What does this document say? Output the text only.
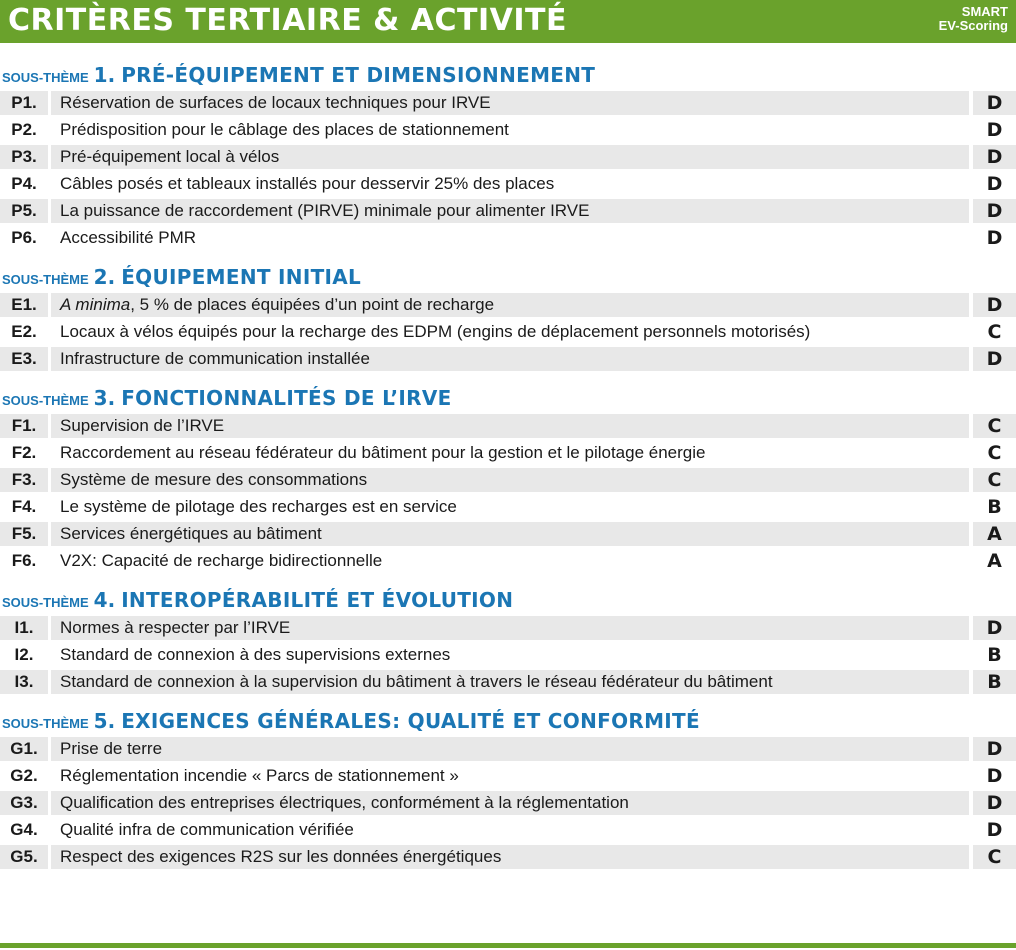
CRITÈRES TERTIAIRE & ACTIVITÉ	SMART
EV-Scoring
SOUS-THÈME 1. PRÉ-ÉQUIPEMENT ET DIMENSIONNEMENT
P1.	Réservation de surfaces de locaux techniques pour IRVE	D
P2.	Prédisposition pour le câblage des places de stationnement	D
P3.	Pré-équipement local à vélos	D
P4.	Câbles posés et tableaux installés pour desservir 25% des places	D
P5.	La puissance de raccordement (PIRVE) minimale pour alimenter IRVE	D
P6.	Accessibilité PMR	D
SOUS-THÈME 2. ÉQUIPEMENT INITIAL
E1.	A minima, 5 % de places équipées d’un point de recharge	D
E2.	Locaux à vélos équipés pour la recharge des EDPM (engins de déplacement personnels motorisés)	C
E3.	Infrastructure de communication installée	D
SOUS-THÈME 3. FONCTIONNALITÉS DE L’IRVE
F1.	Supervision de l’IRVE	C
F2.	Raccordement au réseau fédérateur du bâtiment pour la gestion et le pilotage énergie	C
F3.	Système de mesure des consommations	C
F4.	Le système de pilotage des recharges est en service	B
F5.	Services énergétiques au bâtiment	A
F6.	V2X: Capacité de recharge bidirectionnelle	A
SOUS-THÈME 4. INTEROPÉRABILITÉ ET ÉVOLUTION
I1.	Normes à respecter par l’IRVE	D
I2.	Standard de connexion à des supervisions externes	B
I3.	Standard de connexion à la supervision du bâtiment à travers le réseau fédérateur du bâtiment	B
SOUS-THÈME 5. EXIGENCES GÉNÉRALES: QUALITÉ ET CONFORMITÉ
G1.	Prise de terre	D
G2.	Réglementation incendie « Parcs de stationnement »	D
G3.	Qualification des entreprises électriques, conformément à la réglementation	D
G4.	Qualité infra de communication vérifiée	D
G5.	Respect des exigences R2S sur les données énergétiques	C
